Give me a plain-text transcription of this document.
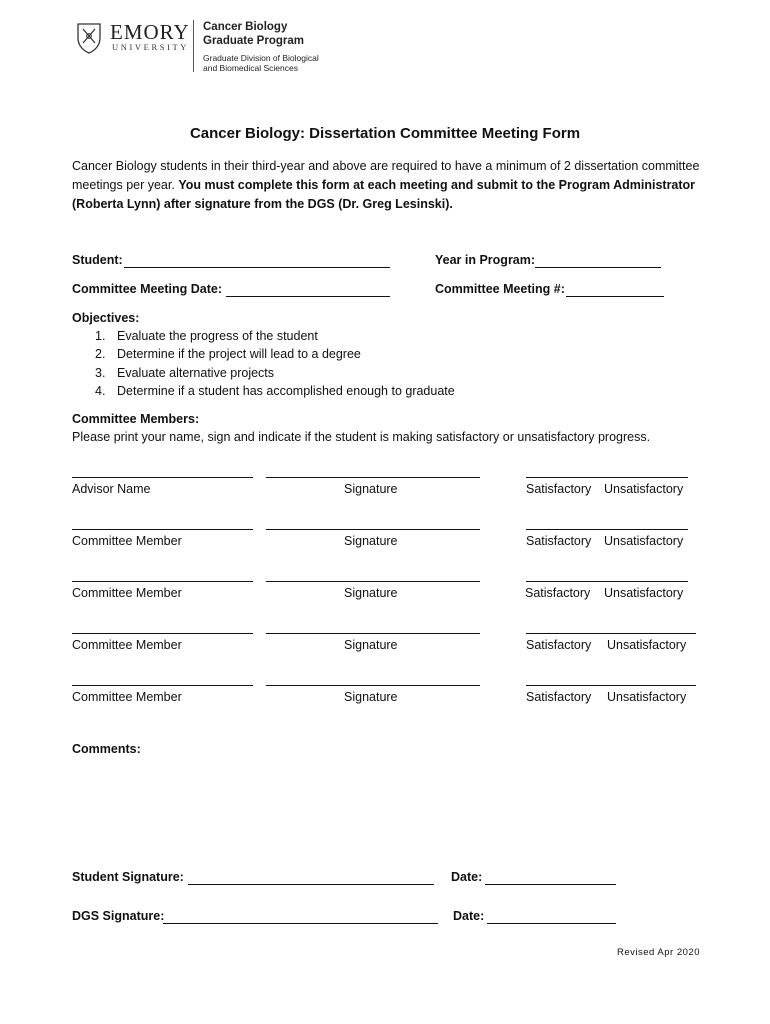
EMORY
UNIVERSITY
Cancer Biology
Graduate Program
Graduate Division of Biological
and Biomedical Sciences
Cancer Biology: Dissertation Committee Meeting Form
Cancer Biology students in their third-year and above are required to have a minimum of 2 dissertation committee meetings per year. You must complete this form at each meeting and submit to the Program Administrator (Roberta Lynn) after signature from the DGS (Dr. Greg Lesinski).
Student:	Year in Program:
Committee Meeting Date:	Committee Meeting #:
Objectives:
1. Evaluate the progress of the student
2. Determine if the project will lead to a degree
3. Evaluate alternative projects
4. Determine if a student has accomplished enough to graduate
Committee Members:
Please print your name, sign and indicate if the student is making satisfactory or unsatisfactory progress.
Advisor Name	Signature	Satisfactory Unsatisfactory
Committee Member	Signature	Satisfactory Unsatisfactory
Committee Member	Signature	Satisfactory Unsatisfactory
Committee Member	Signature	Satisfactory Unsatisfactory
Committee Member	Signature	Satisfactory Unsatisfactory
Comments:
Student Signature:	Date:
DGS Signature:	Date:
Revised Apr 2020
